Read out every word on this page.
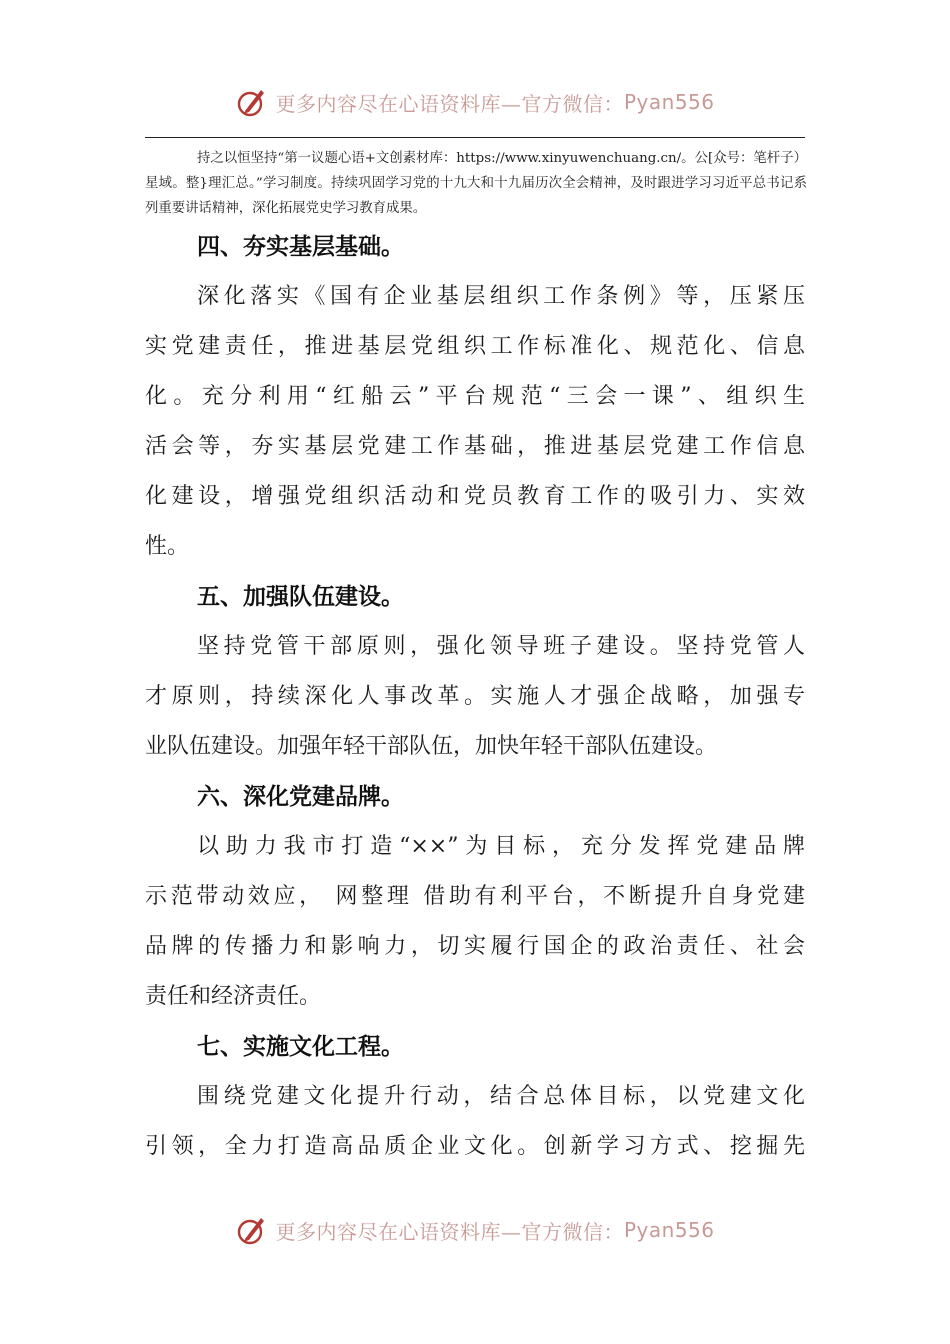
更多内容尽在心语资料库—官方微信： Pyan556
持之以恒坚持“第一议题心语+文创素材库：https://www.xinyuwenchuang.cn/。公[众号：笔杆子）星域。整}理汇总。”学习制度。持续巩固学习党的十九大和十九届历次全会精神，及时跟进学习习近平总书记系列重要讲话精神，深化拓展党史学习教育成果。
四、夯实基层基础。
深化落实《国有企业基层组织工作条例》等，压紧压
实党建责任，推进基层党组织工作标准化、规范化、信息
化。充分利用“红船云”平台规范“三会一课”、组织生
活会等，夯实基层党建工作基础，推进基层党建工作信息
化建设，增强党组织活动和党员教育工作的吸引力、实效
性。
五、加强队伍建设。
坚持党管干部原则，强化领导班子建设。坚持党管人
才原则，持续深化人事改革。实施人才强企战略，加强专
业队伍建设。加强年轻干部队伍，加快年轻干部队伍建设。
六、深化党建品牌。
以助力我市打造“××”为目标，充分发挥党建品牌
示范带动效应， 网整理 借助有利平台，不断提升自身党建
品牌的传播力和影响力，切实履行国企的政治责任、社会
责任和经济责任。
七、实施文化工程。
围绕党建文化提升行动，结合总体目标，以党建文化
引领，全力打造高品质企业文化。创新学习方式、挖掘先
更多内容尽在心语资料库—官方微信： Pyan556
